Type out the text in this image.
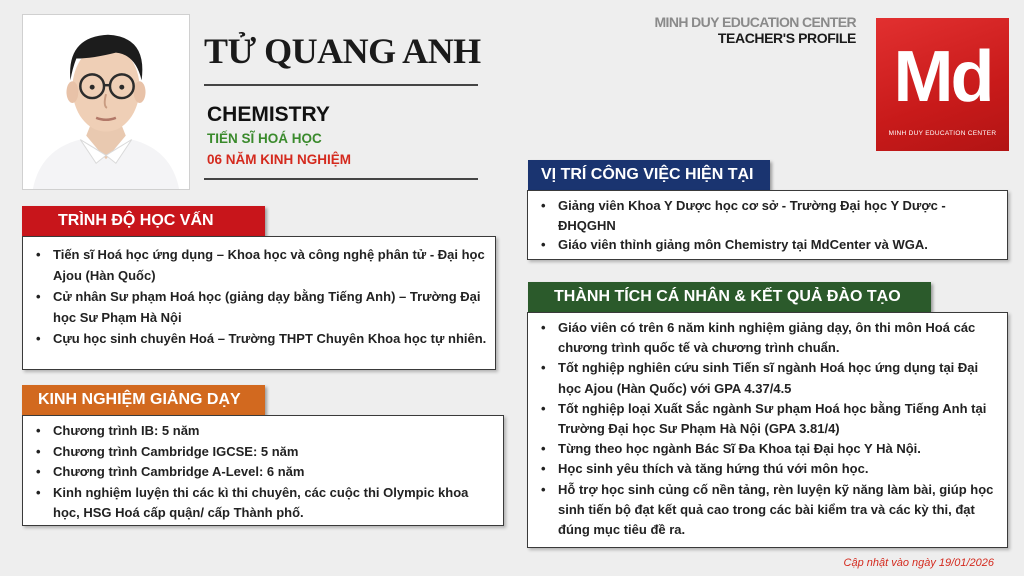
TỬ QUANG ANH
CHEMISTRY
TIẾN SĨ HOÁ HỌC
06 NĂM KINH NGHIỆM
MINH DUY EDUCATION CENTER
TEACHER'S PROFILE Md
MINH DUY EDUCATION CENTER
TRÌNH ĐỘ HỌC VẤN
• Tiến sĩ Hoá học ứng dụng – Khoa học và công nghệ phân tử - Đại học Ajou (Hàn Quốc)
• Cử nhân Sư phạm Hoá học (giảng dạy bằng Tiếng Anh) – Trường Đại học Sư Phạm Hà Nội
• Cựu học sinh chuyên Hoá – Trường THPT Chuyên Khoa học tự nhiên.
KINH NGHIỆM GIẢNG DẠY
• Chương trình IB: 5 năm
• Chương trình Cambridge IGCSE: 5 năm
• Chương trình Cambridge A-Level: 6 năm
• Kinh nghiệm luyện thi các kì thi chuyên, các cuộc thi Olympic khoa học, HSG Hoá cấp quận/ cấp Thành phố.
VỊ TRÍ CÔNG VIỆC HIỆN TẠI
• Giảng viên Khoa Y Dược học cơ sở - Trường Đại học Y Dược - ĐHQGHN
• Giáo viên thỉnh giảng môn Chemistry tại MdCenter và WGA.
THÀNH TÍCH CÁ NHÂN & KẾT QUẢ ĐÀO TẠO
• Giáo viên có trên 6 năm kinh nghiệm giảng dạy, ôn thi môn Hoá các chương trình quốc tế và chương trình chuẩn.
• Tốt nghiệp nghiên cứu sinh Tiến sĩ ngành Hoá học ứng dụng tại Đại học Ajou (Hàn Quốc) với GPA 4.37/4.5
• Tốt nghiệp loại Xuất Sắc ngành Sư phạm Hoá học bằng Tiếng Anh tại Trường Đại học Sư Phạm Hà Nội (GPA 3.81/4)
• Từng theo học ngành Bác Sĩ Đa Khoa tại Đại học Y Hà Nội.
• Học sinh yêu thích và tăng hứng thú với môn học.
• Hỗ trợ học sinh củng cố nền tảng, rèn luyện kỹ năng làm bài, giúp học sinh tiến bộ đạt kết quả cao trong các bài kiểm tra và các kỳ thi, đạt đúng mục tiêu đề ra.
Cập nhật vào ngày 19/01/2026
